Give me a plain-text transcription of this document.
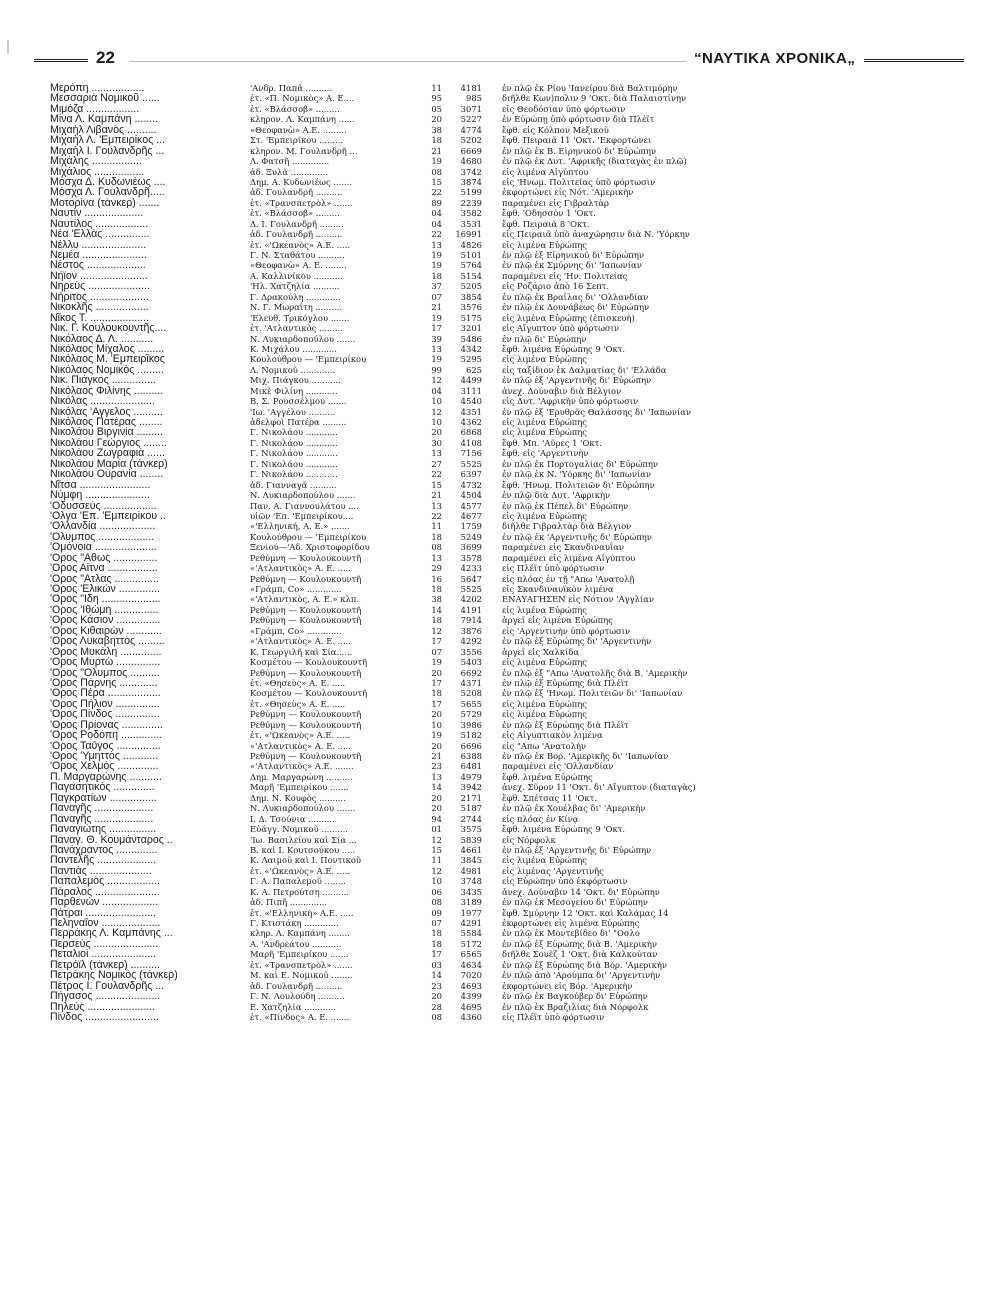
22	“ΝΑΥΤΙΚΑ ΧΡΟΝΙΚΑ„
Μερόπη ..................	'Ανδρ. Παπᾶ ..........	11	4181 ἐν πλῷ ἐκ Ρίου 'Ιανείρου διὰ Βαλτιμόρην
Μεσσαριὰ Νομικοῦ ......	ἑτ. «Π. Νομικὸς» Α. Ε....	95	985 διῆλθε Κων)πολιν 9 'Οκτ. διὰ Παλαιστίνην
Μιμόζα ..................	ἑτ. «Βλάσσοβ» .........	05	3071 εἰς Θεοδόσιαν ὑπὸ φόρτωσιν
Μίνα Λ. Καμπάνη ........	κληρον. Λ. Καμπάνη ......	20	5227 ἐν Εὐρώπῃ ὑπὸ φόρτωσιν διὰ Πλέϊτ
Μιχαὴλ Λιβανὸς ..........	«Θεοφανὼ» Α.Ε. .........	38	4774 ἔφθ. εἰς Κόλπον Μεξικοῦ
Μιχαὴλ Λ. 'Εμπειρίκος ...	Στ. 'Εμπειρίκου .........	18	5202 ἔφθ. Πειραιᾶ 11 'Οκτ. 'Εκφορτώνει
Μιχαὴλ Ι. Γουλανδρῆς ...	κληρον. Μ. Γουλανδρῆ ...	21	6669 ἐν πλῷ ἐκ Β. Εἰρηνικοῦ δι' Εὐρώπην
Μιχάλης .................	Λ. Φατσῆ ..............	19	4680 ἐν πλῷ ἐκ Δυτ. 'Αφρικῆς (διαταγὰς ἐν πλῷ)
Μιχάλιος .................	ἀδ. Ξυλᾶ ..............	08	3742 εἰς λιμένα Αἰγύπτου
Μόσχα Δ. Κυδωνιέως ....	Δημ. Α. Κυδωνιέως .......	15	3874 εἰς 'Ηνωμ. Πολιτείας ὑπὸ φόρτωσιν
Μόσχα Λ. Γουλανδρῆ.....	ἀδ. Γουλανδρῆ ..........	22	5199 ἐκφορτώνει εἰς Νότ. 'Αμερικὴν
Μοτορίνα (τάνκερ) .......	ἑτ. «Τρανσπετρὸλ» .......	89	2239 παραμένει εἰς Γιβραλτὰρ
Ναυτὶν ....................	ἑτ. «Βλάσσοβ» .........	04	3582 ἔφθ. 'Οδησσὸν 1 'Οκτ.
Ναυτίλος ..................	Δ. Ι. Γουλανδρῆ .........	04	3531 ἔφθ. Πειραιᾶ 8 'Οκτ.
Νέα 'Ελλὰς ...............	ἀδ. Γουλανδρῆ ..........	22	16991 εἰς Πειραιᾶ ὑπὸ ἀναχώρησιν διὰ Ν. 'Υόρκην
Νέλλυ ......................	ἑτ. «'Ωκεανὸς» Α.Ε. .....	13	4826 εἰς λιμένα Εὐρώπης
Νεμέα ......................	Γ. Ν. Σταθάτου ..........	19	5101 ἐν πλῷ ἐξ Εἰρηνικοῦ δι' Εὐρώπην
Νέστος ....................	«Θεοφανὼ» Α. Ε. ........	19	5764 ἐν πλῷ ἐκ Σμύρνης δι' 'Ιαπωνίαν
Νήϊον .......................	Α. Καλλινίκου ...........	18	5154 παραμένει εἰς 'Ην. Πολιτείας
Νηρεὺς .....................	'Ηλ. Χατζηλία ..........	37	5205 εἰς Ροζάριο ἀπὸ 16 Σεπτ.
Νήριτος ....................	Γ. Δρακούλη .............	07	3854 ἐν πλῷ ἐκ Βραΐλας δι' 'Ολλανδίαν
Νικοκλῆς ..................	Ν. Γ. Μωραΐτη ..........	21	3576 ἐν πλῷ ἐκ Δουνάβεως δι' Εὐρώπην
Νῖκος Τ. ....................	'Ελευθ. Τρικόγλου .......	19	5175 εἰς λιμένα Εὐρώπης (ἐπισκευὴ)
Νικ. Γ. Κουλουκουντῆς....	ἑτ. 'Ατλαντικὸς .........	17	3201 εἰς Αἴγυπτον ὑπὸ φόρτωσιν
Νικόλαος Δ. Λ. ...........	Ν. Λυκιαρδοπούλου .......	39	5486 ἐν πλῷ δι' Εὐρώπην
Νικόλαος Μίχαλος .........	Κ. Μιχάλου .............	13	4342 ἔφθ. λιμένα Εὐρώπης 9 'Οκτ.
Νικόλαος Μ. 'Εμπειρῖκος	Κουλούθρου — 'Εμπειρίκου	19	5295 εἰς λιμένα Εὐρώπης
Νικόλαος Νομικὸς .........	Λ. Νομικοῦ .............	99	625 εἰς ταξίδιον ἐκ Δαλματίας δι' 'Ελλάδα
Νικ. Πιάγκος ...............	Μιχ. Πιάγκου ...........	12	4499 ἐν πλῷ ἐξ 'Αργεντινῆς δι' Εὐρώπην
Νικόλαος Φιλίνης ..........	Μικὲ Φιλίνη ............	04	3111 ἀνεχ. Δούναβιν διὰ Βέλγιον
Νικόλας ......................	Β. Σ. Ρουσσέλμου .......	10	4540 εἰς Δυτ. 'Αφρικὴν ὑπὸ φόρτωσιν
Νικόλας 'Αγγελος ..........	'Ιω. 'Αγγέλου ..........	12	4351 ἐν πλῷ ἐξ 'Ερυθρᾶς Θαλάσσης δι' 'Ιαπωνίαν
Νικόλαος Πατέρας ........	ἀδελφοὶ Πατέρα .........	10	4362 εἰς λιμένα Εὐρώπης
Νικολάου Βιργινία .........	Γ. Νικολάου ............	20	6868 εἰς λιμένα Εὐρώπης
Νικολάου Γεώργιος ........	Γ. Νικολάου ............	30	4108 ἔφθ. Μπ. 'Αϋρες 1 'Οκτ.
Νικολάου Ζωγραφιὰ ......	Γ. Νικολάου ............	13	7156 ἔφθ. εἰς 'Αργεντινὴν
Νικολάου Μαρία (τάνκερ)	Γ. Νικολάου ............	27	5525 ἐν πλῷ ἐκ Πορτογαλίας δι' Εὐρώπην
Νικολάου Οὐρανία ........	Γ. Νικολάου ............	22	6397 ἐν πλῷ ἐκ Ν. 'Υόρκης δι' 'Ιαπωνίαν
Νῖτσα ........................	ἀδ. Γιανναγᾶ ..........	15	4732 ἔφθ. 'Ηνωμ. Πολιτειῶν δι' Εὐρώπην
Νύμφη ......................	Ν. Λυκιαρδοπούλου .......	21	4504 ἐν πλῷ διὰ Δυτ. 'Αφρικὴν
'Οδυσσεὺς ..................	Παν. Α. Γιαννουλάτου ....	13	4577 ἐν πλῷ ἐκ Πέπελ δι' Εὐρώπην
'Ολγα 'Επ. 'Εμπειρίκου ..	υἱῶν 'Επ. 'Εμπειρίκου....	22	4677 εἰς λιμένα Εὐρώπης
'Ολλανδία ...................	«'Ελληνική, Α. Ε.» .......	11	1759 διῆλθε Γιβραλτὰρ διὰ Βέλγιον
'Ολυμπος ...................	Κουλούθρου — 'Εμπειρίκου	18	5249 ἐν πλῷ ἐκ 'Αργεντινῆς δι' Εὐρώπην
'Ομόνοια .....................	Ξενιού—'Αδ. Χριστοφορίδου	08	3699 παραμένει εἰς Σκανδιναυΐαν
'Ορος "Αθως ...............	Ρεθύμνη — Κουλουκουντῆ	13	3578 παραμένει εἰς λιμένα Αἰγύπτου
'Ορος Αἴτνα .................	«'Ατλαντικὸς» Α. Ε. .....	29	4233 εἰς Πλέϊτ ὑπὸ φόρτωσιν
'Ορος "Ατλας ...............	Ρεθύμνη — Κουλουκουντῆ	16	5647 εἰς πλόας ἐν τῇ "Απω 'Ανατολῇ
'Ορος 'Ελικὼν ..............	«Γράμπ, Co» .............	18	5525 εἰς Σκανδιναυϊκὸν λιμένα
'Ορος "Ιδη ....................	«'Ατλαντικὸς, Α. Ε.» κλπ.	38	4202 ΕΝΑΥΑΓΗΣΕΝ εἰς Νότιον 'Αγγλίαν
'Ορος 'Ιθώμη ...............	Ρεθύμνη — Κουλουκουντῆ	14	4191 εἰς λιμένα Εὐρώπης
'Ορος Κάσιον ...............	Ρεθύμνη — Κουλουκουντῆ	18	7914 ἀργεῖ εἰς λιμένα Εὐρώπης
'Ορος Κιθαιρὼν ............	«Γράμπ, Co» .............	12	3876 εἰς 'Αργεντινὴν ὑπὸ φόρτωσιν
'Ορος Λυκαβηττὸς .........	«'Ατλαντικὸς» Α. Ε. .....	17	4292 ἐν πλῷ ἐξ Εὐρώπης δι' 'Αργεντινὴν
'Ορος Μυκάλη ..............	Κ. Γεωργιλῆ καὶ Σία......	07	3556 ἀργεῖ εἰς Χαλκίδα
'Ορος Μυρτὼ ...............	Κοσμέτου — Κουλουκουντῆ	19	5403 εἰς λιμένα Εὐρώπης
'Ορος "Ολυμπος ..........	Ρεθύμνη — Κουλουκουντῆ	20	6692 ἐν πλῷ ἐξ "Απω 'Ανατολῆς διὰ Β. 'Αμερικὴν
'Ορος Πάρνης .............	ἑτ. «Θησεὺς» Α. Ε. .....	17	4371 ἐν πλῷ ἐξ Εὐρώπης διὰ Πλέϊτ
'Ορος Πέρα ..................	Κοσμέτου — Κουλουκουντῆ	18	5208 ἐν πλῷ ἐξ 'Ηνωμ. Πολιτειῶν δι' 'Ιαπωνίαν
'Ορος Πήλιον ...............	ἑτ. «Θησεὺς» Α. Ε. .....	17	5655 εἰς λιμένα Εὐρώπης
'Ορος Πίνδος ...............	Ρεθύμνη — Κουλουκουντῆ	20	5729 εἰς λιμένα Εὐρώπης
'Ορος Πρίονας ..............	Ρεθύμνη — Κουλουκουντῆ	10	3986 ἐν πλῷ ἐξ Εὐρώπης διὰ Πλέϊτ
'Ορος Ροδόπη ..............	ἑτ. «'Ωκεανὸς» Α.Ε. .....	19	5182 εἰς Αἰγυπτιακὸν λιμένα
'Ορος Ταΰγος ...............	«'Ατλαντικὸς» Α. Ε. .....	20	6696 εἰς "Απω 'Ανατολὴν
'Ορος 'Υμηττὸς ............	Ρεθύμνη — Κουλουκουντῆ	21	6388 ἐν πλῷ ἐκ Βορ. 'Αμερικῆς δι' 'Ιαπωνίαν
'Ορος Χελμὸς ..............	«'Ατλαντικὸς» Α.Ε. .......	23	6481 παραμένει εἰς 'Ολλανδίαν
Π. Μαργαρώνης ...........	Δημ. Μαργαρώνη ..........	13	4979 ἔφθ. λιμένα Εὐρώπης
Παγασητικὸς ..............	Μαρῆ 'Εμπειρίκου .......	14	3942 ἀνεχ. Σῦρον 11 'Οκτ. δι' Αἴγυπτον (διαταγὰς)
Παγκρατίων ................	Δημ. Ν. Κουφὸς ..........	20	2171 ἔφθ. Σπέτσας 11 'Οκτ.
Παναγῆς ....................	Ν. Λυκιαρδοπούλου .......	20	5187 ἐν πλῷ ἐκ Χουέλβας δι' 'Αμερικὴν
Παναγῆς ....................	Ι. Δ. Τσούνια ..........	94	2744 εἰς πλόας ἐν Κίνᾳ
Παναγιώτης ................	Εὐάγγ. Νομικοῦ ..........	01	3575 ἔφθ. λιμένα Εὐρώπης 9 'Οκτ.
Παναγ. Θ. Κουμάνταρος ..	'Ιω. Βασιλείου καὶ Σία ...	12	5839 εἰς Νόρφολκ
Πανάχραντος ..............	Β. καὶ Ι. Κουτσούκου .....	15	4661 ἐν πλῷ ἐξ 'Αργεντινῆς δι' Εὐρώπην
Παντελῆς ....................	Κ. Λαιμοῦ καὶ Ι. Ποντικοῦ	11	3845 εἰς λιμένα Εὐρώπης
Παντιὰς .....................	ἑτ. «'Ωκεανὸς» Α.Ε. .....	12	4981 εἰς λιμένας 'Αργεντινῆς
Παπαλεμὸς ..................	Γ. Α. Παπαλεμοῦ ........	10	3748 εἰς Εὐρώπην ὑπὸ ἐκφόρτωσιν
Πάραλος ......................	Κ. Α. Πετρούτση ..........	06	3435 ἀνεχ. Δούναβιν 14 'Οκτ. δι' Εὐρώπην
Παρθενὼν ...................	ἀδ. Πιπῆ ..............	08	3189 ἐν πλῷ ἐκ Μεσογείου δι' Εὐρώπην
Πάτραι ........................	ἑτ. «'Ελληνικὴ» Α.Ε. .....	09	1977 ἔφθ. Σμύρνην 12 'Οκτ. καὶ Καλάμας 14
Πεληναΐον ....................	Γ. Κτιστάκη .............	07	4291 ἐκφορτώνει εἰς λιμένα Εὐρώπης
Περράκης Λ. Καμπάνης ...	κληρ. Λ. Καμπάνη ........	18	5584 ἐν πλῷ ἐκ Μοντεβίδεο δι' "Οσλο
Περσεὺς ......................	Α. 'Ανδρεάτου ...........	18	5172 ἐν πλῷ ἐξ Εὐρώπης διὰ Β. 'Αμερικὴν
Πεταλιοὶ ......................	Μαρῆ 'Εμπειρίκου .......	17	6565 διῆλθε Σουὲζ 1 'Οκτ. διὰ Καλκούταν
Πετρόϊλ (τάνκερ) ..........	ἑτ. «Τρανσπετρὸλ» .......	03	4634 ἐν πλῷ ἐξ Εὐρώπης διὰ Βόρ. 'Αμερικὴν
Πετράκης Νομικὸς (τάνκερ)	Μ. καὶ Ε. Νομικοῦ ........	14	7020 ἐν πλῷ ἀπὸ 'Αρούμπα δι' 'Αργεντινὴν
Πέτρος Ι. Γουλανδρῆς ...	ἀδ. Γουλανδρῆ ..........	23	4693 ἐκφορτώνει εἰς Βόρ. 'Αμερικὴν
Πήγασος ......................	Γ. Ν. Λουλούδη ..........	20	4399 ἐν πλῷ ἐκ Βαγκούβερ δι' Εὐρώπην
Πηλεὺς .......................	Ε. Χατζηλία ............	28	4695 ἐν πλῷ ἐκ Βραζιλίας διὰ Νόρφολκ
Πίνδος .........................	ἑτ. «Πίνδος» Α. Ε. .......	08	4360 εἰς Πλέϊτ ὑπὸ φόρτωσιν
